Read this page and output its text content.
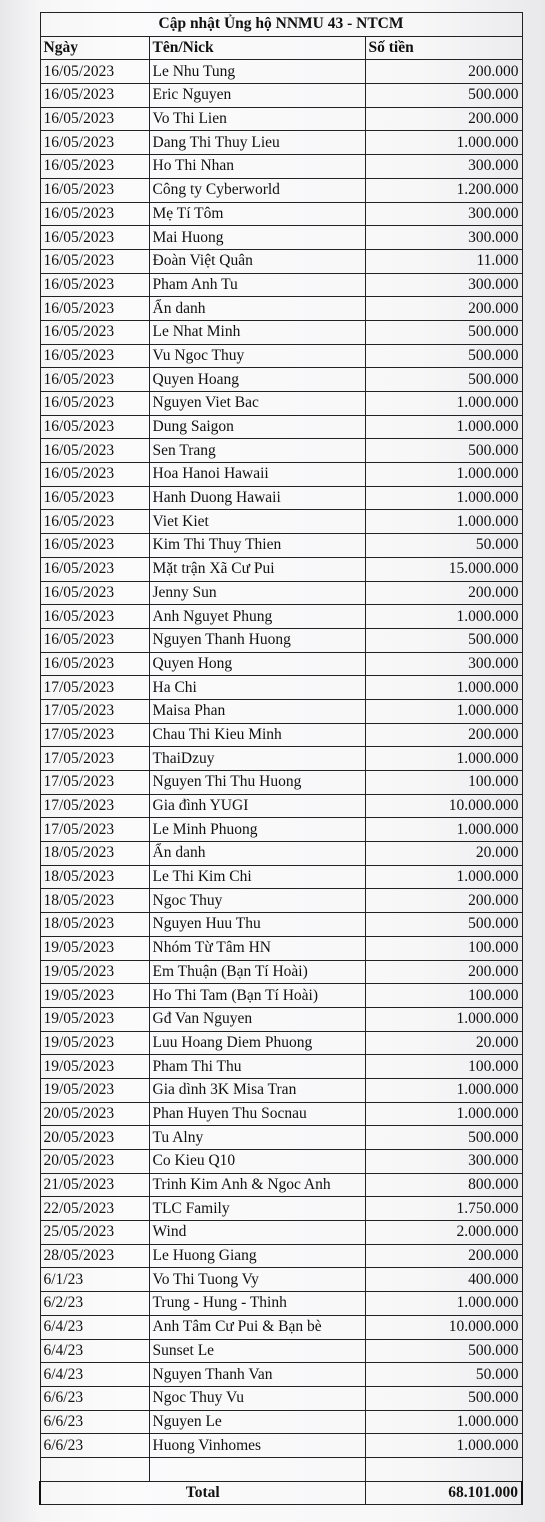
Cập nhật Ủng hộ NNMU 43 - NTCM		
Ngày	Tên/Nick	Số tiền
16/05/2023	Le Nhu Tung	200.000
16/05/2023	Eric Nguyen	500.000
16/05/2023	Vo Thi Lien	200.000
16/05/2023	Dang Thi Thuy Lieu	1.000.000
16/05/2023	Ho Thi Nhan	300.000
16/05/2023	Công ty Cyberworld	1.200.000
16/05/2023	Mẹ Tí Tôm	300.000
16/05/2023	Mai Huong	300.000
16/05/2023	Đoàn Việt Quân	11.000
16/05/2023	Pham Anh Tu	300.000
16/05/2023	Ẩn danh	200.000
16/05/2023	Le Nhat Minh	500.000
16/05/2023	Vu Ngoc Thuy	500.000
16/05/2023	Quyen Hoang	500.000
16/05/2023	Nguyen Viet Bac	1.000.000
16/05/2023	Dung Saigon	1.000.000
16/05/2023	Sen Trang	500.000
16/05/2023	Hoa Hanoi Hawaii	1.000.000
16/05/2023	Hanh Duong Hawaii	1.000.000
16/05/2023	Viet Kiet	1.000.000
16/05/2023	Kim Thi Thuy Thien	50.000
16/05/2023	Mặt trận Xã Cư Pui	15.000.000
16/05/2023	Jenny Sun	200.000
16/05/2023	Anh Nguyet Phung	1.000.000
16/05/2023	Nguyen Thanh Huong	500.000
16/05/2023	Quyen Hong	300.000
17/05/2023	Ha Chi	1.000.000
17/05/2023	Maisa Phan	1.000.000
17/05/2023	Chau Thi Kieu Minh	200.000
17/05/2023	ThaiDzuy	1.000.000
17/05/2023	Nguyen Thi Thu Huong	100.000
17/05/2023	Gia đình YUGI	10.000.000
17/05/2023	Le Minh Phuong	1.000.000
18/05/2023	Ẩn danh	20.000
18/05/2023	Le Thi Kim Chi	1.000.000
18/05/2023	Ngoc Thuy	200.000
18/05/2023	Nguyen Huu Thu	500.000
19/05/2023	Nhóm Từ Tâm HN	100.000
19/05/2023	Em Thuận (Bạn Tí Hoài)	200.000
19/05/2023	Ho Thi Tam (Bạn Tí Hoài)	100.000
19/05/2023	Gđ Van Nguyen	1.000.000
19/05/2023	Luu Hoang Diem Phuong	20.000
19/05/2023	Pham Thi Thu	100.000
19/05/2023	Gia dình 3K Misa Tran	1.000.000
20/05/2023	Phan Huyen Thu Socnau	1.000.000
20/05/2023	Tu Alny	500.000
20/05/2023	Co Kieu Q10	300.000
21/05/2023	Trinh Kim Anh & Ngoc Anh	800.000
22/05/2023	TLC Family	1.750.000
25/05/2023	Wind	2.000.000
28/05/2023	Le Huong Giang	200.000
6/1/23	Vo Thi Tuong Vy	400.000
6/2/23	Trung - Hung - Thinh	1.000.000
6/4/23	Anh Tâm Cư Pui & Bạn bè	10.000.000
6/4/23	Sunset Le	500.000
6/4/23	Nguyen Thanh Van	50.000
6/6/23	Ngoc Thuy Vu	500.000
6/6/23	Nguyen Le	1.000.000
6/6/23	Huong Vinhomes	1.000.000

Total		68.101.000
